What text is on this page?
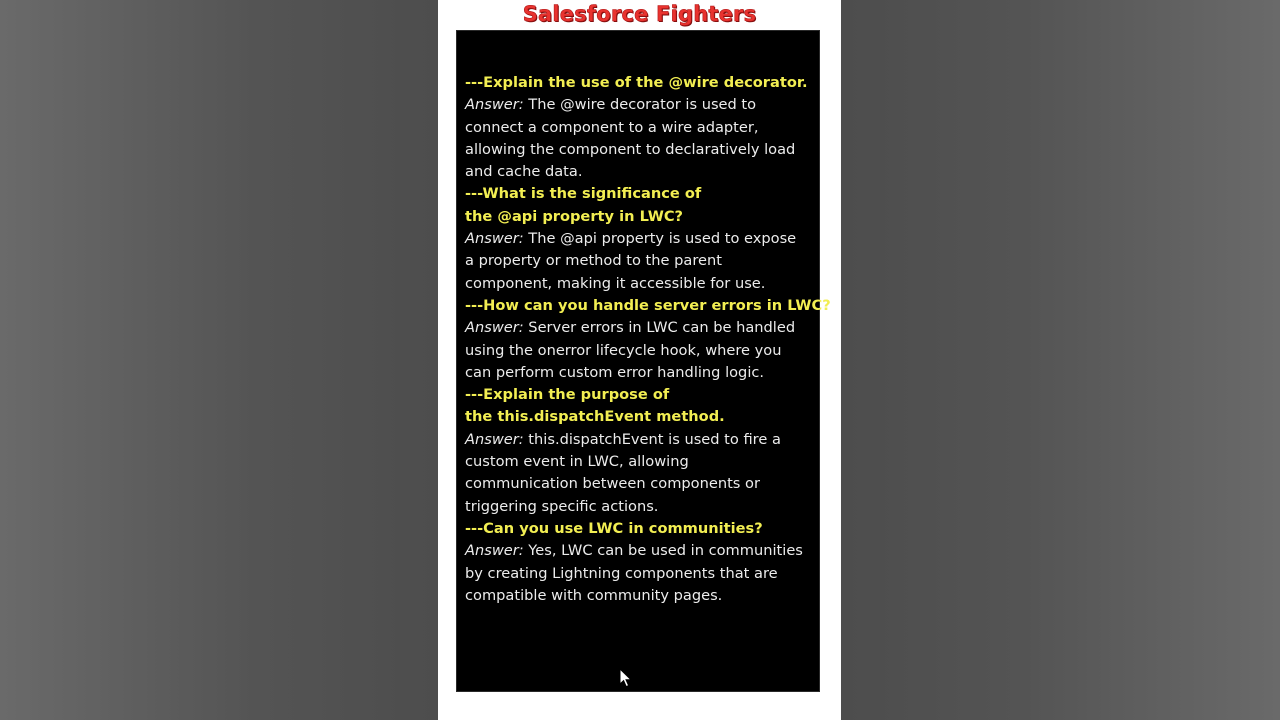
Salesforce Fighters
---Explain the use of the @wire decorator.
Answer: The @wire decorator is used to
connect a component to a wire adapter,
allowing the component to declaratively load
and cache data.
---What is the significance of
the @api property in LWC?
Answer: The @api property is used to expose
a property or method to the parent
component, making it accessible for use.
---How can you handle server errors in LWC?
Answer: Server errors in LWC can be handled
using the onerror lifecycle hook, where you
can perform custom error handling logic.
---Explain the purpose of
the this.dispatchEvent method.
Answer: this.dispatchEvent is used to fire a
custom event in LWC, allowing
communication between components or
triggering specific actions.
---Can you use LWC in communities?
Answer: Yes, LWC can be used in communities
by creating Lightning components that are
compatible with community pages.
